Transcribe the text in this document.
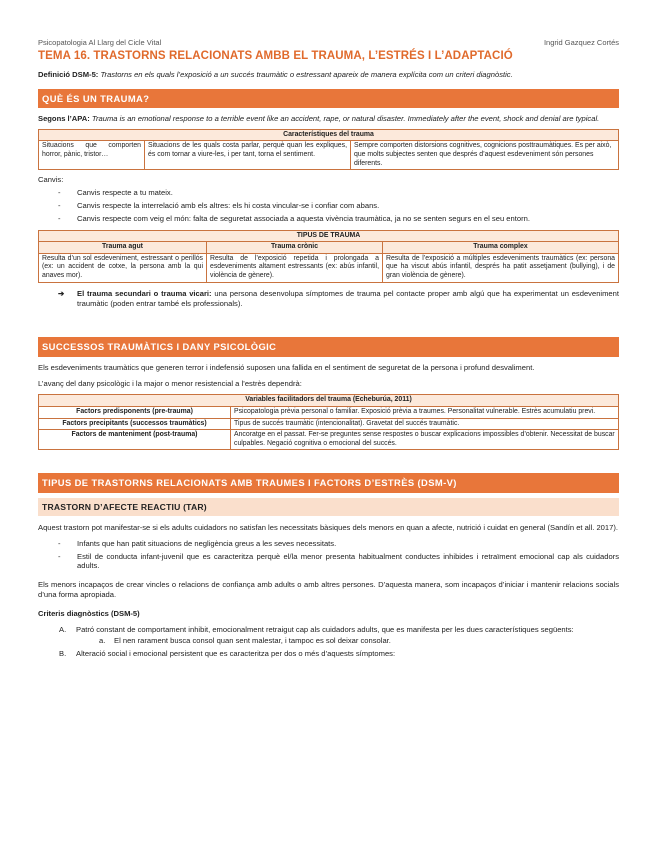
Psicopatologia Al Llarg del Cicle Vital	Ingrid Gazquez Cortés
TEMA 16. TRASTORNS RELACIONATS AMBB EL TRAUMA, L’ESTRÉS I L’ADAPTACIÓ
Definició DSM-5: Trastorns en els quals l’exposició a un succés traumàtic o estressant apareix de manera explícita com un criteri diagnòstic.
QUÈ ÉS UN TRAUMA?

Segons l’APA: Trauma is an emotional response to a terrible event like an accident, rape, or natural disaster. Immediately after the event, shock and denial are typical.

Característiques del trauma
Situacions que comporten horror, pànic, tristor…	Situacions de les quals costa parlar, perquè quan les expliques, és com tornar a viure-les, i per tant, torna el sentiment.	Sempre comporten distorsions cognitives, cognicions posttraumàtiques. Es per això, que molts subjectes senten que després d’aquest esdeveniment són persones diferents.

Canvis:

- Canvis respecte a tu mateix.
- Canvis respecte la interrelació amb els altres: els hi costa vincular-se i confiar com abans.
- Canvis respecte com veig el món: falta de seguretat associada a aquesta vivència traumàtica, ja no se senten segurs en el seu entorn.
TIPUS DE TRAUMA		
Trauma agut	Trauma crònic	Trauma complex
Resulta d’un sol esdeveniment, estressant o perillós (ex: un accident de cotxe, la persona amb la qui anaves mor).	Resulta de l’exposició repetida i prolongada a esdeveniments altament estressants (ex: abús infantil, violència de gènere).	Resulta de l’exposició a múltiples esdeveniments traumàtics (ex: persona que ha viscut abús infantil, després ha patit assetjament (bullying), i de gran violència de gènere).
➔ El trauma secundari o trauma vicari: una persona desenvolupa símptomes de trauma pel contacte proper amb algú que ha experimentat un esdeveniment traumàtic (poden entrar també els professionals).
SUCCESSOS TRAUMÀTICS I DANY PSICOLÒGIC

Els esdeveniments traumàtics que generen terror i indefensió suposen una fallida en el sentiment de seguretat de la persona i profund desvaliment.

L’avanç del dany psicològic i la major o menor resistencial a l’estrès dependrà:

Variables facilitadors del trauma (Echeburúa, 2011)	
Factors predisponents (pre-trauma)	Psicopatologia prèvia personal o familiar. Exposició prèvia a traumes. Personalitat vulnerable. Estrès acumulatiu previ.
Factors precipitants (successos traumàtics)	Tipus de succés traumàtic (intencionalitat). Gravetat del succés traumàtic.
Factors de manteniment (post-trauma)	Ancoratge en el passat. Fer-se preguntes sense respostes o buscar explicacions impossibles d’obtenir. Necessitat de buscar culpables. Negació cognitiva o emocional del succés.
TIPUS DE TRASTORNS RELACIONATS AMB TRAUMES I FACTORS D’ESTRÈS (DSM-V)
TRASTORN D’AFECTE REACTIU (TAR)

Aquest trastorn pot manifestar-se si els adults cuidadors no satisfan les necessitats bàsiques dels menors en quan a afecte, nutrició i cuidat en general (Sandín et all. 2017).

- Infants que han patit situacions de negligència greus a les seves necessitats.
- Estil de conducta infant-juvenil que es caracteritza perquè el/la menor presenta habitualment conductes inhibides i retraïment emocional cap als cuidadors adults.

Els menors incapaços de crear vincles o relacions de confiança amb adults o amb altres persones. D’aquesta manera, som incapaços d’iniciar i mantenir relacions socials d’una forma apropiada.

Criteris diagnòstics (DSM-5)

A. Patró constant de comportament inhibit, emocionalment retraigut cap als cuidadors adults, que es manifesta per les dues característiques següents:
a. El nen rarament busca consol quan sent malestar, i tampoc es sol deixar consolar.
B. Alteració social i emocional persistent que es caracteritza per dos o més d’aquests símptomes:
